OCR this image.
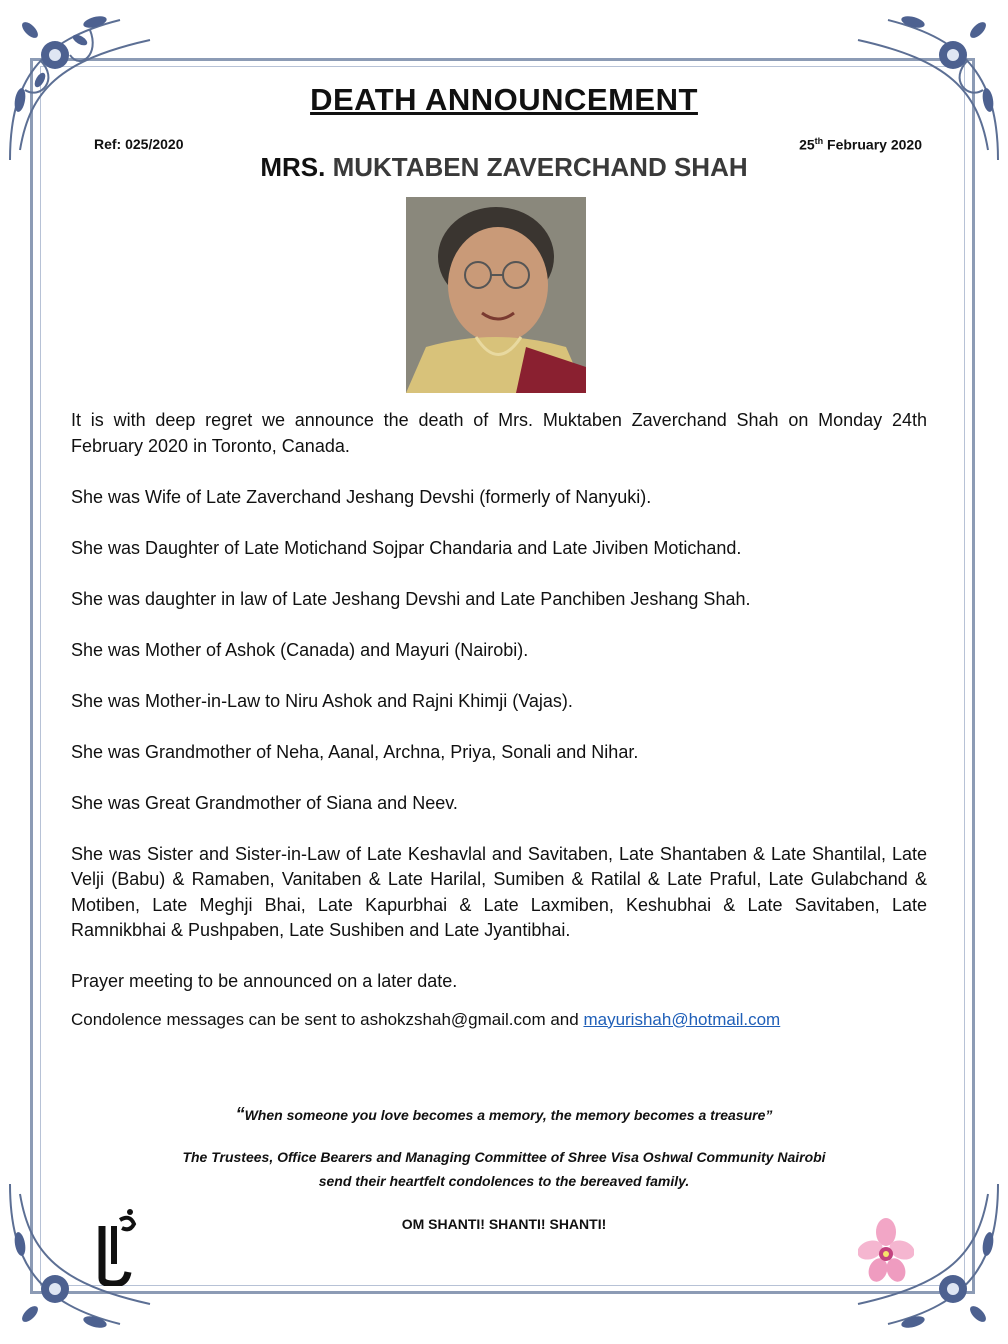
DEATH ANNOUNCEMENT
Ref: 025/2020	25th February 2020
MRS. MUKTABEN ZAVERCHAND SHAH

It is with deep regret we announce the death of Mrs. Muktaben Zaverchand Shah on Monday 24th February 2020 in Toronto, Canada.

She was Wife of Late Zaverchand Jeshang Devshi (formerly of Nanyuki).

She was Daughter of Late Motichand Sojpar Chandaria and Late Jiviben Motichand.

She was daughter in law of Late Jeshang Devshi and Late Panchiben Jeshang Shah.

She was Mother of Ashok (Canada) and Mayuri (Nairobi).

She was Mother-in-Law to Niru Ashok and Rajni Khimji (Vajas).

She was Grandmother of Neha, Aanal, Archna, Priya, Sonali and Nihar.

She was Great Grandmother of Siana and Neev.

She was Sister and Sister-in-Law of Late Keshavlal and Savitaben, Late Shantaben & Late Shantilal, Late Velji (Babu) & Ramaben, Vanitaben & Late Harilal, Sumiben & Ratilal & Late Praful, Late Gulabchand & Motiben, Late Meghji Bhai, Late Kapurbhai & Late Laxmiben, Keshubhai & Late Savitaben, Late Ramnikbhai & Pushpaben, Late Sushiben and Late Jyantibhai.

Prayer meeting to be announced on a later date.

Condolence messages can be sent to ashokzshah@gmail.com and mayurishah@hotmail.com
“When someone you love becomes a memory, the memory becomes a treasure”
The Trustees, Office Bearers and Managing Committee of Shree Visa Oshwal Community Nairobi
send their heartfelt condolences to the bereaved family.
OM SHANTI! SHANTI! SHANTI!
